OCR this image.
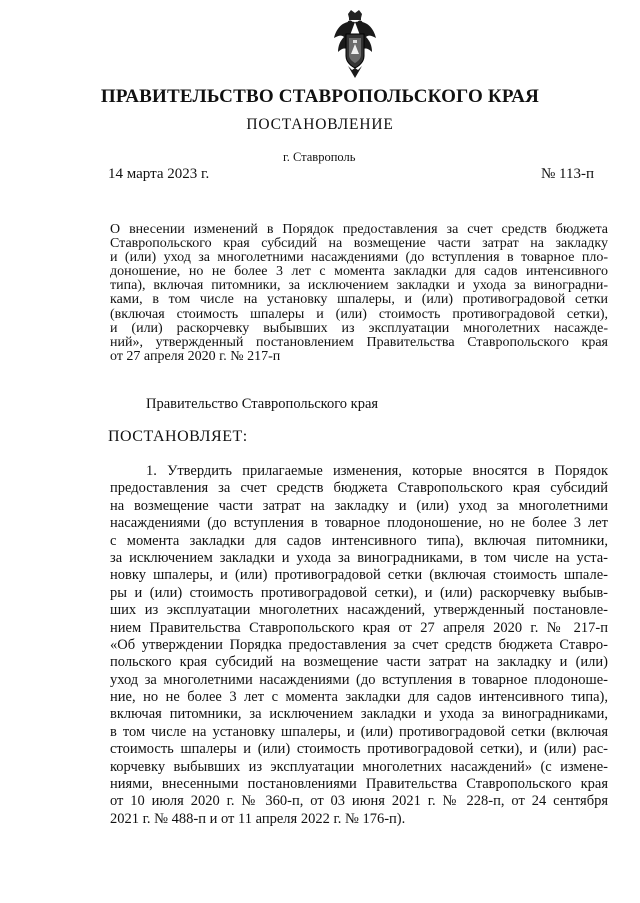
ПРАВИТЕЛЬСТВО СТАВРОПОЛЬСКОГО КРАЯ
ПОСТАНОВЛЕНИЕ
г. Ставрополь
14 марта 2023 г.	№ 113-п
О внесении изменений в Порядок предоставления за счет средств бюджета
Ставропольского края субсидий на возмещение части затрат на закладку
и (или) уход за многолетними насаждениями (до вступления в товарное пло-
доношение, но не более 3 лет с момента закладки для садов интенсивного
типа), включая питомники, за исключением закладки и ухода за виноградни-
ками, в том числе на установку шпалеры, и (или) противоградовой сетки
(включая стоимость шпалеры и (или) стоимость противоградовой сетки),
и (или) раскорчевку выбывших из эксплуатации многолетних насажде-
ний», утвержденный постановлением Правительства Ставропольского края
от 27 апреля 2020 г. № 217-п
Правительство Ставропольского края
ПОСТАНОВЛЯЕТ:
1. Утвердить прилагаемые изменения, которые вносятся в Порядок
предоставления за счет средств бюджета Ставропольского края субсидий
на возмещение части затрат на закладку и (или) уход за многолетними
насаждениями (до вступления в товарное плодоношение, но не более 3 лет
с момента закладки для садов интенсивного типа), включая питомники,
за исключением закладки и ухода за виноградниками, в том числе на уста-
новку шпалеры, и (или) противоградовой сетки (включая стоимость шпале-
ры и (или) стоимость противоградовой сетки), и (или) раскорчевку выбыв-
ших из эксплуатации многолетних насаждений, утвержденный постановле-
нием Правительства Ставропольского края от 27 апреля 2020 г. № 217-п
«Об утверждении Порядка предоставления за счет средств бюджета Ставро-
польского края субсидий на возмещение части затрат на закладку и (или)
уход за многолетними насаждениями (до вступления в товарное плодоноше-
ние, но не более 3 лет с момента закладки для садов интенсивного типа),
включая питомники, за исключением закладки и ухода за виноградниками,
в том числе на установку шпалеры, и (или) противоградовой сетки (включая
стоимость шпалеры и (или) стоимость противоградовой сетки), и (или) рас-
корчевку выбывших из эксплуатации многолетних насаждений» (с измене-
ниями, внесенными постановлениями Правительства Ставропольского края
от 10 июля 2020 г. № 360-п, от 03 июня 2021 г. № 228-п, от 24 сентября
2021 г. № 488-п и от 11 апреля 2022 г. № 176-п).
